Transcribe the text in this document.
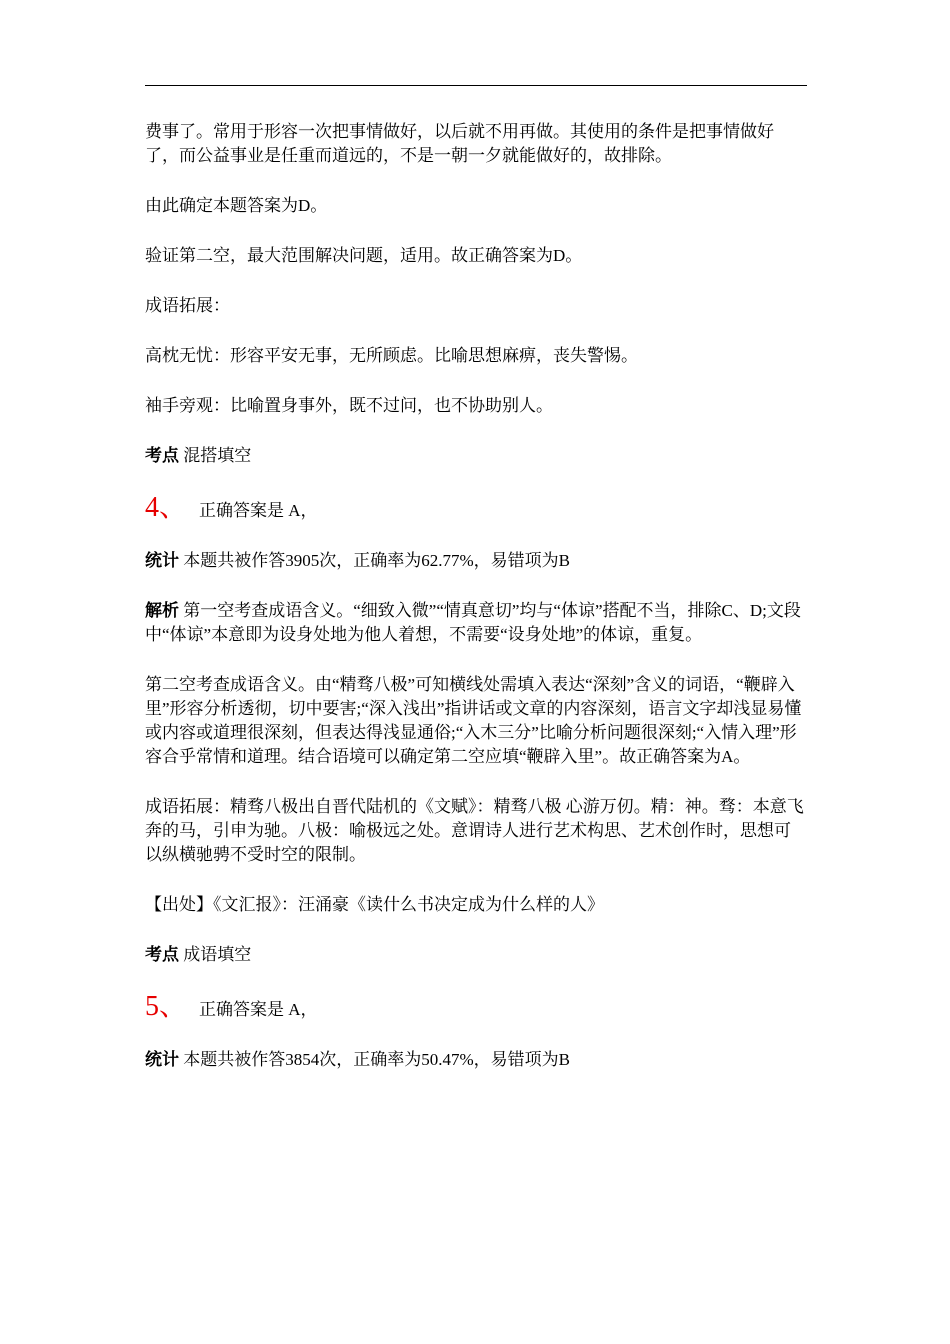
费事了。常用于形容一次把事情做好，以后就不用再做。其使用的条件是把事情做好了，而公益事业是任重而道远的，不是一朝一夕就能做好的，故排除。

由此确定本题答案为D。

验证第二空，最大范围解决问题，适用。故正确答案为D。

成语拓展：

高枕无忧：形容平安无事，无所顾虑。比喻思想麻痹，丧失警惕。

袖手旁观：比喻置身事外，既不过问，也不协助别人。

考点 混搭填空

4、 正确答案是 A，

统计 本题共被作答3905次，正确率为62.77%，易错项为B

解析 第一空考查成语含义。“细致入微”“情真意切”均与“体谅”搭配不当，排除C、D;文段中“体谅”本意即为设身处地为他人着想，不需要“设身处地”的体谅，重复。

第二空考查成语含义。由“精骛八极”可知横线处需填入表达“深刻”含义的词语，“鞭辟入里”形容分析透彻，切中要害;“深入浅出”指讲话或文章的内容深刻，语言文字却浅显易懂或内容或道理很深刻，但表达得浅显通俗;“入木三分”比喻分析问题很深刻;“入情入理”形容合乎常情和道理。结合语境可以确定第二空应填“鞭辟入里”。故正确答案为A。

成语拓展：精骛八极出自晋代陆机的《文赋》：精骛八极 心游万仞。精：神。骛：本意飞奔的马，引申为驰。八极：喻极远之处。意谓诗人进行艺术构思、艺术创作时，思想可以纵横驰骋不受时空的限制。

【出处】《文汇报》：汪涌豪《读什么书决定成为什么样的人》

考点 成语填空

5、 正确答案是 A，

统计 本题共被作答3854次，正确率为50.47%，易错项为B
